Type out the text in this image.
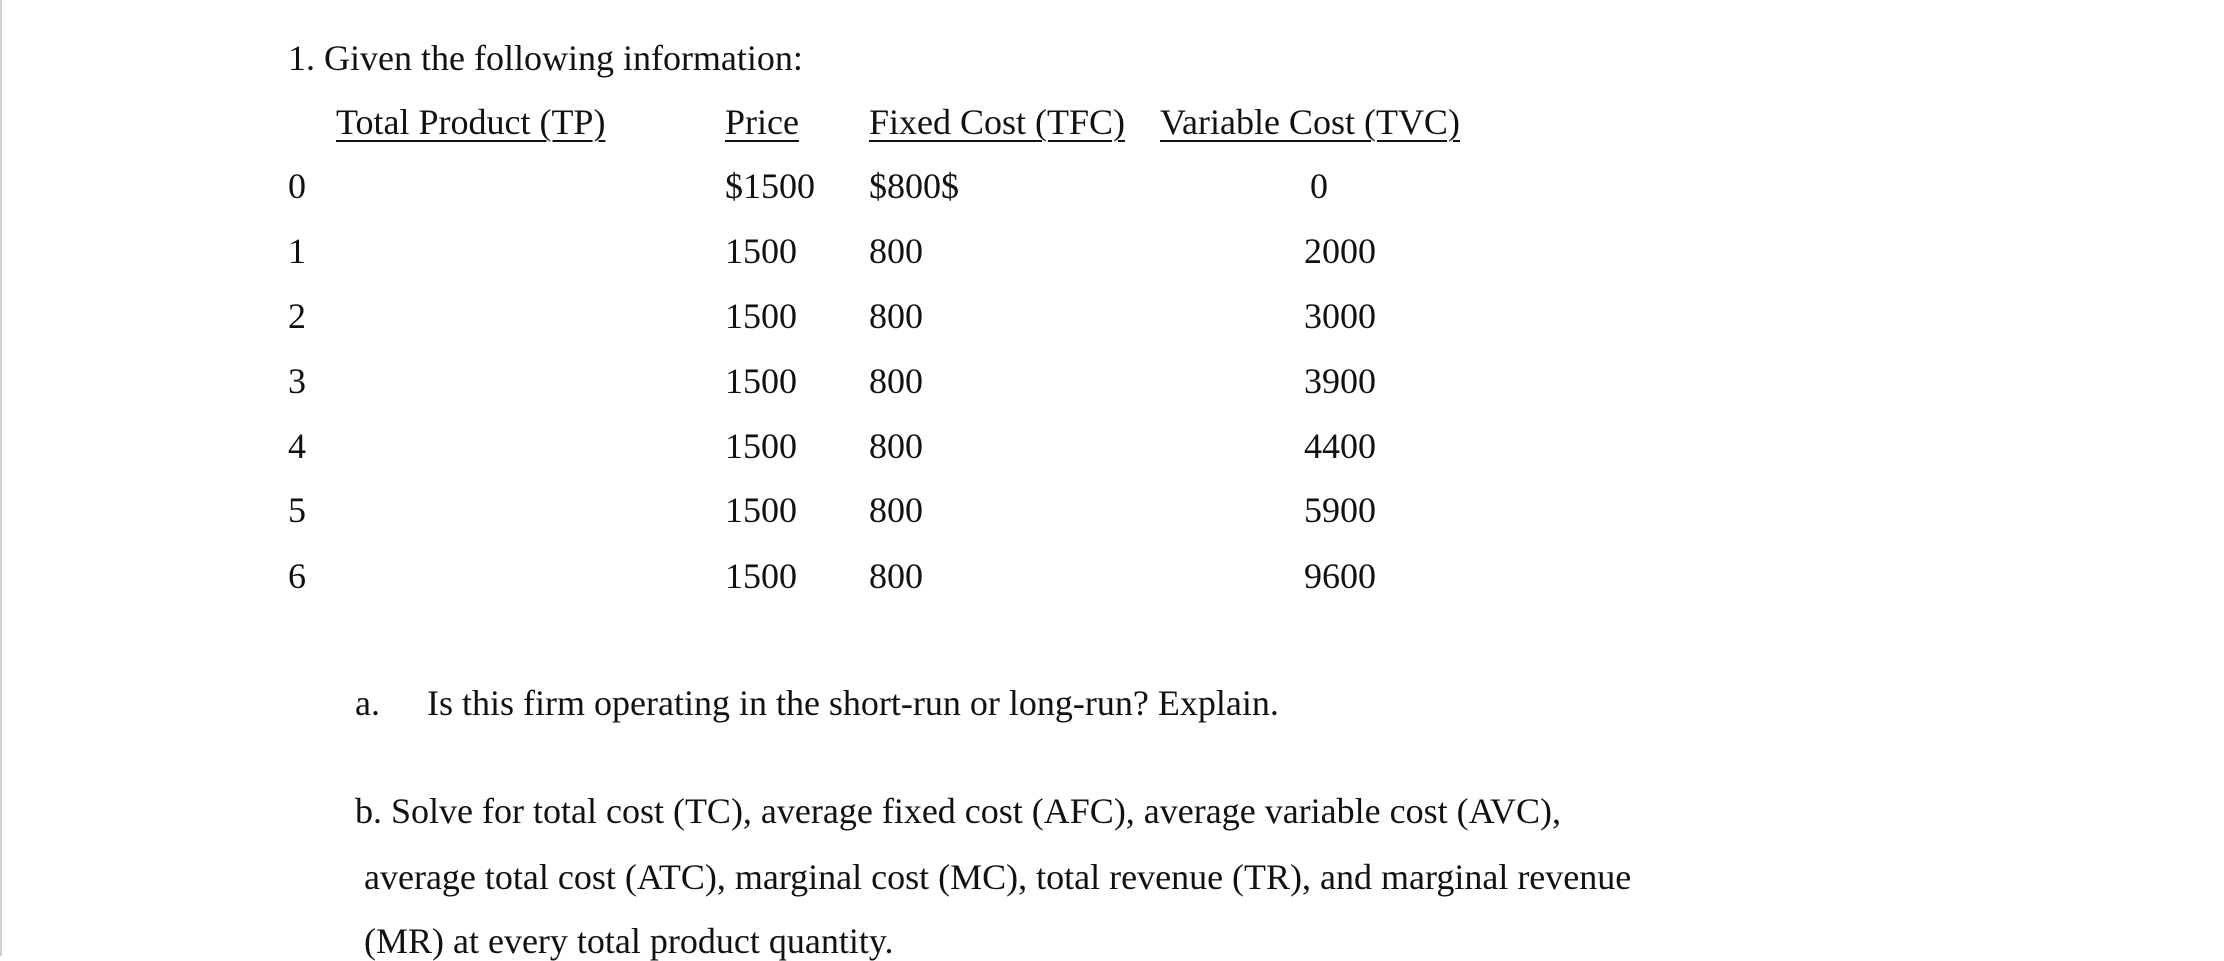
1. Given the following information:
Total Product (TP)	Price Fixed Cost (TFC) Variable Cost (TVC)
0	$1500 $800$	0
1	1500 800	2000
2	1500 800	3000
3	1500 800	3900
4	1500 800	4400
5	1500 800	5900
6	1500 800	9600
a. Is this firm operating in the short-run or long-run? Explain.
b. Solve for total cost (TC), average fixed cost (AFC), average variable cost (AVC),
average total cost (ATC), marginal cost (MC), total revenue (TR), and marginal revenue
(MR) at every total product quantity.
